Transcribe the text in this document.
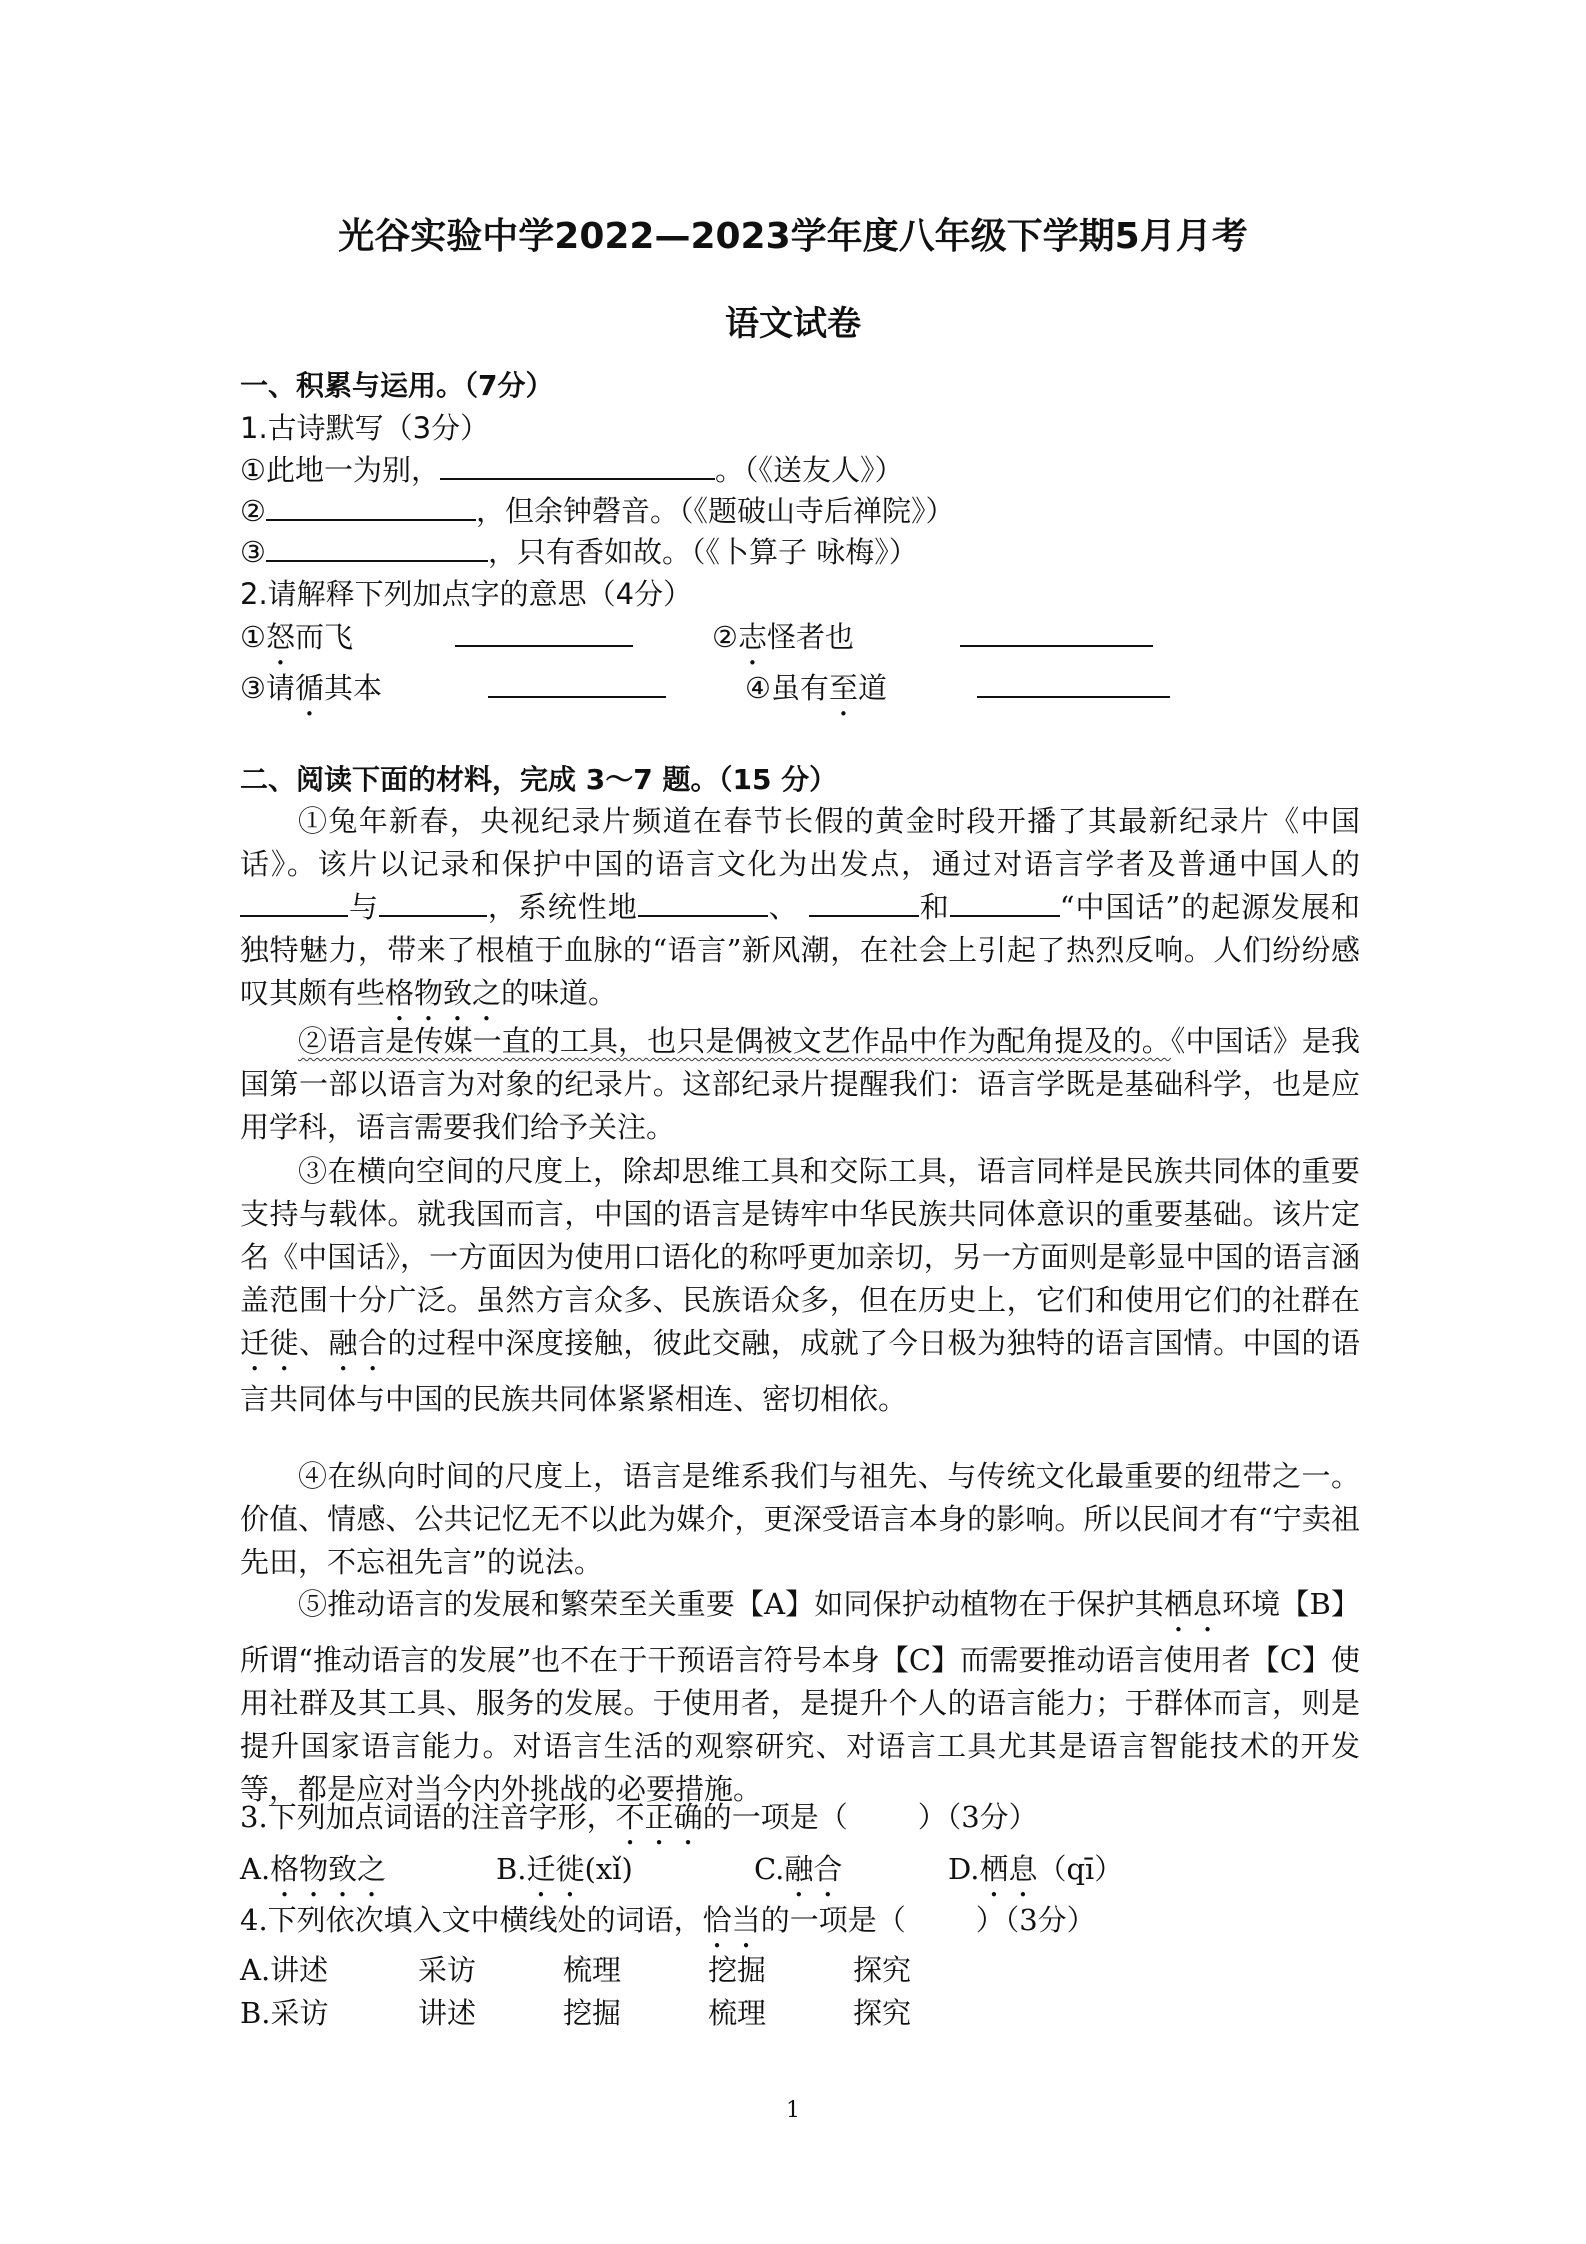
光谷实验中学2022—2023学年度八年级下学期5月月考
语文试卷
一、积累与运用。（7分）
1.古诗默写（3分）
①此地一为别，	。（《送友人》）
②	，但余钟磬音。（《题破山寺后禅院》）
③	，只有香如故。（《卜算子 咏梅》）
2.请解释下列加点字的意思（4分）
①怒而飞	②志怪者也
③请循其本	④虽有至道
二、阅读下面的材料，完成 3～7 题。（15 分）
①兔年新春，央视纪录片频道在春节长假的黄金时段开播了其最新纪录片《中国话》。该片以记录和保护中国的语言文化为出发点，通过对语言学者及普通中国人的与	，系统性地	、	和	“中国话”的起源发展和独特魅力，带来了根植于血脉的“语言”新风潮，在社会上引起了热烈反响。人们纷纷感叹其颇有些格物致之的味道。
②语言是传媒一直的工具，也只是偶被文艺作品中作为配角提及的。《中国话》是我国第一部以语言为对象的纪录片。这部纪录片提醒我们：语言学既是基础科学，也是应用学科，语言需要我们给予关注。
③在横向空间的尺度上，除却思维工具和交际工具，语言同样是民族共同体的重要支持与载体。就我国而言，中国的语言是铸牢中华民族共同体意识的重要基础。该片定名《中国话》，一方面因为使用口语化的称呼更加亲切，另一方面则是彰显中国的语言涵盖范围十分广泛。虽然方言众多、民族语众多，但在历史上，它们和使用它们的社群在迁徙、融合的过程中深度接触，彼此交融，成就了今日极为独特的语言国情。中国的语言共同体与中国的民族共同体紧紧相连、密切相依。
④在纵向时间的尺度上，语言是维系我们与祖先、与传统文化最重要的纽带之一。价值、情感、公共记忆无不以此为媒介，更深受语言本身的影响。所以民间才有“宁卖祖先田，不忘祖先言”的说法。
⑤推动语言的发展和繁荣至关重要【A】如同保护动植物在于保护其栖息环境【B】所谓“推动语言的发展”也不在于干预语言符号本身【C】而需要推动语言使用者【C】使用社群及其工具、服务的发展。于使用者，是提升个人的语言能力；于群体而言，则是提升国家语言能力。对语言生活的观察研究、对语言工具尤其是语言智能技术的开发等，都是应对当今内外挑战的必要措施。
3.下列加点词语的注音字形，不正确的一项是（ ）（3分）
A.格物致之	B.迁徙(xǐ)	C.融合	D.栖息（qī）
4.下列依次填入文中横线处的词语，恰当的一项是（ ）（3分）
A.讲述	采访	梳理	挖掘	探究
B.采访	讲述	挖掘	梳理	探究
1
